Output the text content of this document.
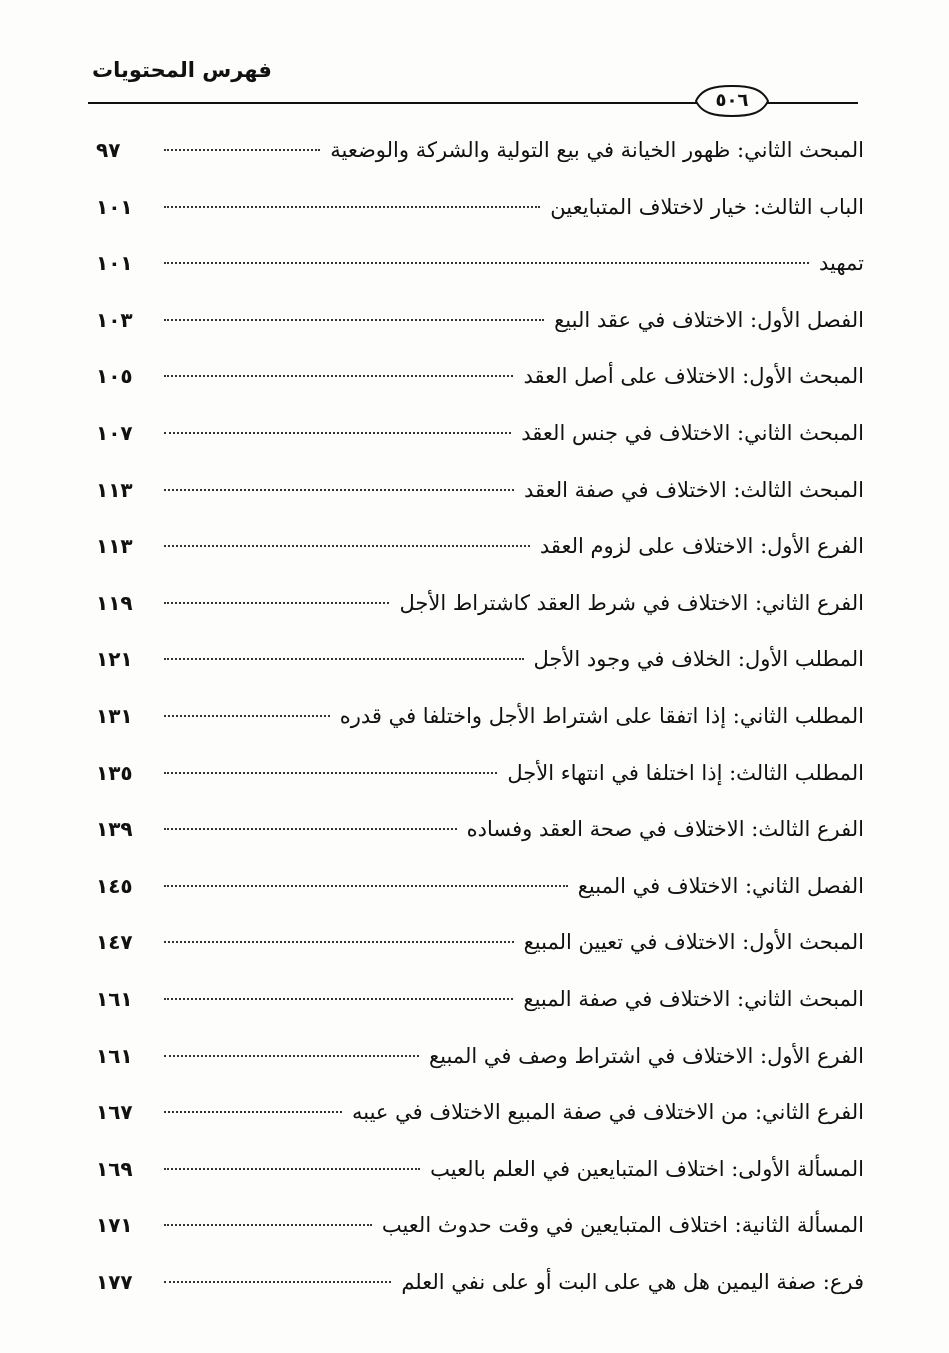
فهرس المحتويات
٥٠٦
المبحث الثاني: ظهور الخيانة في بيع التولية والشركة والوضعية
٩٧
الباب الثالث: خيار لاختلاف المتبايعين
١٠١
تمهيد
١٠١
الفصل الأول: الاختلاف في عقد البيع
١٠٣
المبحث الأول: الاختلاف على أصل العقد
١٠٥
المبحث الثاني: الاختلاف في جنس العقد
١٠٧
المبحث الثالث: الاختلاف في صفة العقد
١١٣
الفرع الأول: الاختلاف على لزوم العقد
١١٣
الفرع الثاني: الاختلاف في شرط العقد كاشتراط الأجل
١١٩
المطلب الأول: الخلاف في وجود الأجل
١٢١
المطلب الثاني: إذا اتفقا على اشتراط الأجل واختلفا في قدره
١٣١
المطلب الثالث: إذا اختلفا في انتهاء الأجل
١٣٥
الفرع الثالث: الاختلاف في صحة العقد وفساده
١٣٩
الفصل الثاني: الاختلاف في المبيع
١٤٥
المبحث الأول: الاختلاف في تعيين المبيع
١٤٧
المبحث الثاني: الاختلاف في صفة المبيع
١٦١
الفرع الأول: الاختلاف في اشتراط وصف في المبيع
١٦١
الفرع الثاني: من الاختلاف في صفة المبيع الاختلاف في عيبه
١٦٧
المسألة الأولى: اختلاف المتبايعين في العلم بالعيب
١٦٩
المسألة الثانية: اختلاف المتبايعين في وقت حدوث العيب
١٧١
فرع: صفة اليمين هل هي على البت أو على نفي العلم
١٧٧
